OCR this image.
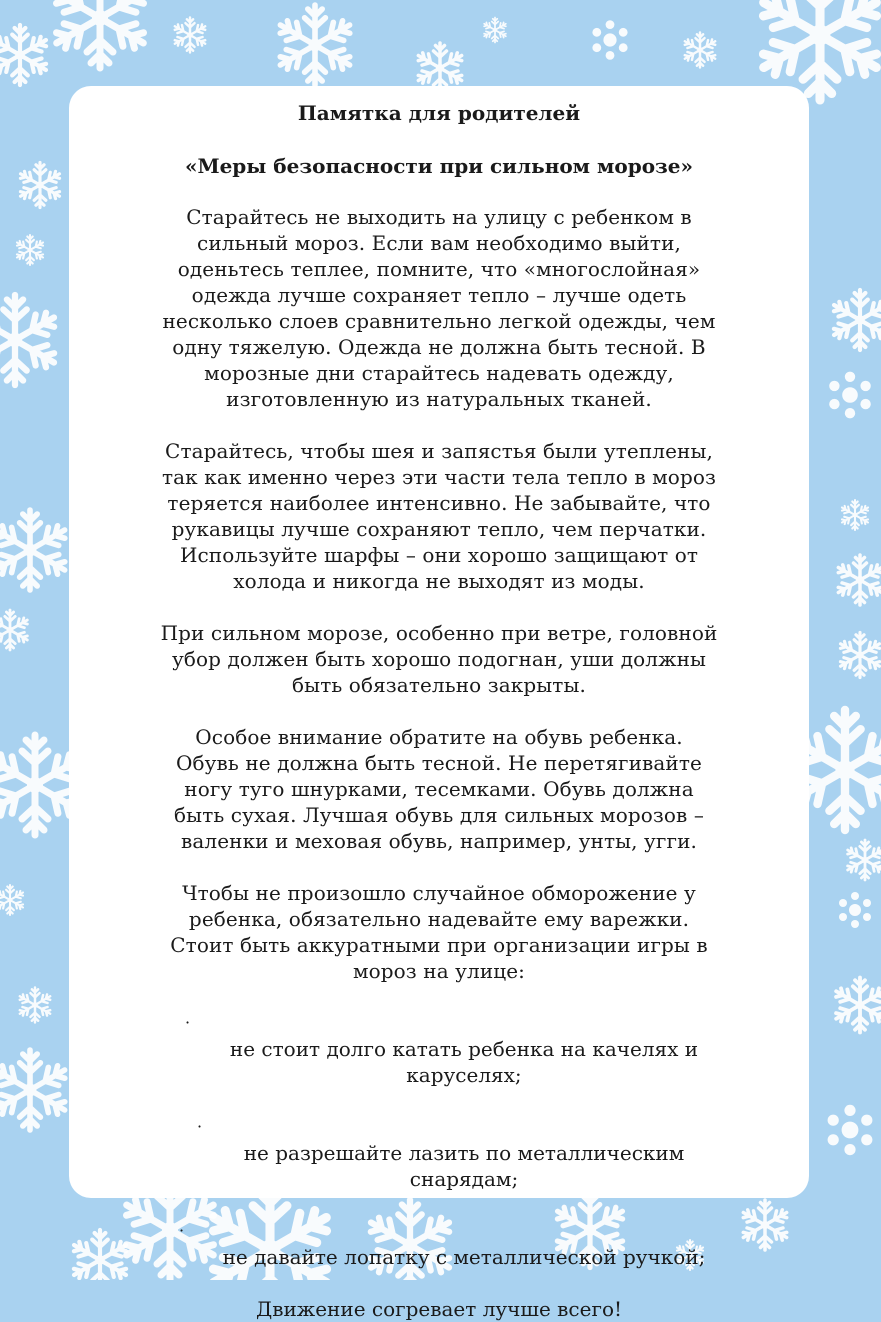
Памятка для родителей
«Меры безопасности при сильном морозе»

Старайтесь не выходить на улицу с ребенком в
сильный мороз. Если вам необходимо выйти,
оденьтесь теплее, помните, что «многослойная»
одежда лучше сохраняет тепло – лучше одеть
несколько слоев сравнительно легкой одежды, чем
одну тяжелую. Одежда не должна быть тесной. В
морозные дни старайтесь надевать одежду,
изготовленную из натуральных тканей.

Старайтесь, чтобы шея и запястья были утеплены,
так как именно через эти части тела тепло в мороз
теряется наиболее интенсивно. Не забывайте, что
рукавицы лучше сохраняют тепло, чем перчатки.
Используйте шарфы – они хорошо защищают от
холода и никогда не выходят из моды.

При сильном морозе, особенно при ветре, головной
убор должен быть хорошо подогнан, уши должны
быть обязательно закрыты.

Особое внимание обратите на обувь ребенка.
Обувь не должна быть тесной. Не перетягивайте
ногу туго шнурками, тесемками. Обувь должна
быть сухая. Лучшая обувь для сильных морозов –
валенки и меховая обувь, например, унты, угги.

Чтобы не произошло случайное обморожение у
ребенка, обязательно надевайте ему варежки.
Стоит быть аккуратными при организации игры в
мороз на улице:

·

не стоит долго катать ребенка на качелях и
каруселях;

·

не разрешайте лазить по металлическим
снарядам;

·

не давайте лопатку с металлической ручкой;

Движение согревает лучше всего!
